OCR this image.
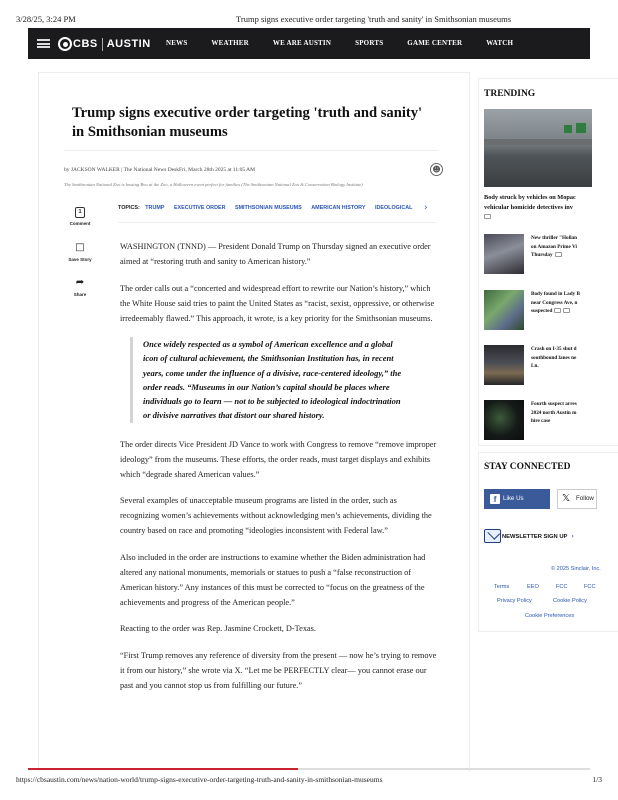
3/28/25, 3:24 PM	Trump signs executive order targeting 'truth and sanity' in Smithsonian museums
CBS AUSTIN NEWS	WEATHER	WE ARE AUSTIN	SPORTS	GAME CENTER	WATCH
Trump signs executive order targeting 'truth and sanity' in Smithsonian museums
by JACKSON WALKER | The National News DeskFri, March 28th 2025 at 11:05 AM	☻
The Smithsonian National Zoo is hosting Boo at the Zoo, a Halloween event perfect for families (The Smithsonian National Zoo & Conservation Biology Institute)
1
Comment
□
Save Story
➦
Share
TOPICS: TRUMP EXECUTIVE ORDER SMITHSONIAN MUSEUMS AMERICAN HISTORY IDEOLOGICAL	›

WASHINGTON (TNND) — President Donald Trump on Thursday signed an executive order aimed at “restoring truth and sanity to American history.”

The order calls out a “concerted and widespread effort to rewrite our Nation’s history,” which the White House said tries to paint the United States as “racist, sexist, oppressive, or otherwise irredeemably flawed.” This approach, it wrote, is a key priority for the Smithsonian museums.

Once widely respected as a symbol of American excellence and a global icon of cultural achievement, the Smithsonian Institution has, in recent years, come under the influence of a divisive, race-centered ideology,” the order reads. “Museums in our Nation’s capital should be places where individuals go to learn — not to be subjected to ideological indoctrination or divisive narratives that distort our shared history.

The order directs Vice President JD Vance to work with Congress to remove “remove improper ideology” from the museums. These efforts, the order reads, must target displays and exhibits which “degrade shared American values.”

Several examples of unacceptable museum programs are listed in the order, such as recognizing women’s achievements without acknowledging men’s achievements, dividing the country based on race and promoting “ideologies inconsistent with Federal law.”

Also included in the order are instructions to examine whether the Biden administration had altered any national monuments, memorials or statues to push a “false reconstruction of American history.” Any instances of this must be corrected to “focus on the greatness of the achievements and progress of the American people.”

Reacting to the order was Rep. Jasmine Crockett, D-Texas.

“First Trump removes any reference of diversity from the present — now he’s trying to remove it from our history,” she wrote via X. “Let me be PERFECTLY clear— you cannot erase our past and you cannot stop us from fulfilling our future.”

TRENDING
Body struck by vehicles on Mopac
vehicular homicide detectives inv
New thriller "Hollan
on Amazon Prime Vi
Thursday
Body found in Lady B
near Congress Ave, n
suspected
Crash on I-35 shut d
southbound lanes ne
Ln.
Fourth suspect arres
2024 north Austin m
hire case
STAY CONNECTED
f	Like Us	𝕏 Follow
NEWSLETTER SIGN UP ›
© 2025 Sinclair, Inc.
Terms	EEO	FCC	FCC
Privacy Policy	Cookie Policy
Cookie Preferences
https://cbsaustin.com/news/nation-world/trump-signs-executive-order-targeting-truth-and-sanity-in-smithsonian-museums	1/3
